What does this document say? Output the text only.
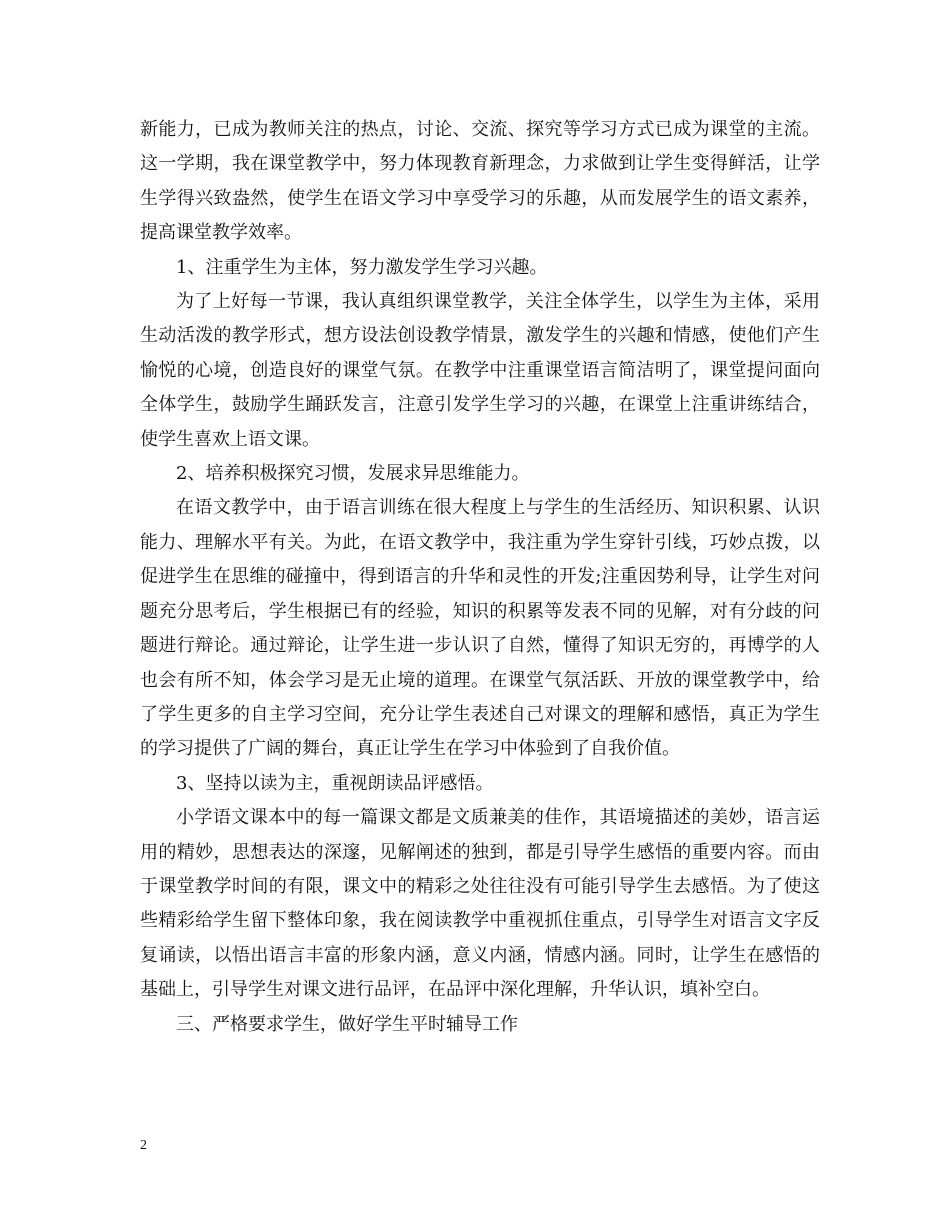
新能力，已成为教师关注的热点，讨论、交流、探究等学习方式已成为课堂的主流。这一学期，我在课堂教学中，努力体现教育新理念，力求做到让学生变得鲜活，让学生学得兴致盎然，使学生在语文学习中享受学习的乐趣，从而发展学生的语文素养，提高课堂教学效率。

1、注重学生为主体，努力激发学生学习兴趣。

为了上好每一节课，我认真组织课堂教学，关注全体学生，以学生为主体，采用生动活泼的教学形式，想方设法创设教学情景，激发学生的兴趣和情感，使他们产生愉悦的心境，创造良好的课堂气氛。在教学中注重课堂语言简洁明了，课堂提问面向全体学生，鼓励学生踊跃发言，注意引发学生学习的兴趣，在课堂上注重讲练结合，使学生喜欢上语文课。

2、培养积极探究习惯，发展求异思维能力。

在语文教学中，由于语言训练在很大程度上与学生的生活经历、知识积累、认识能力、理解水平有关。为此，在语文教学中，我注重为学生穿针引线，巧妙点拨，以促进学生在思维的碰撞中，得到语言的升华和灵性的开发;注重因势利导，让学生对问题充分思考后，学生根据已有的经验，知识的积累等发表不同的见解，对有分歧的问题进行辩论。通过辩论，让学生进一步认识了自然，懂得了知识无穷的，再博学的人也会有所不知，体会学习是无止境的道理。在课堂气氛活跃、开放的课堂教学中，给了学生更多的自主学习空间，充分让学生表述自己对课文的理解和感悟，真正为学生的学习提供了广阔的舞台，真正让学生在学习中体验到了自我价值。

3、坚持以读为主，重视朗读品评感悟。

小学语文课本中的每一篇课文都是文质兼美的佳作，其语境描述的美妙，语言运用的精妙，思想表达的深邃，见解阐述的独到，都是引导学生感悟的重要内容。而由于课堂教学时间的有限，课文中的精彩之处往往没有可能引导学生去感悟。为了使这些精彩给学生留下整体印象，我在阅读教学中重视抓住重点，引导学生对语言文字反复诵读，以悟出语言丰富的形象内涵，意义内涵，情感内涵。同时，让学生在感悟的基础上，引导学生对课文进行品评，在品评中深化理解，升华认识，填补空白。

三、严格要求学生，做好学生平时辅导工作

2
